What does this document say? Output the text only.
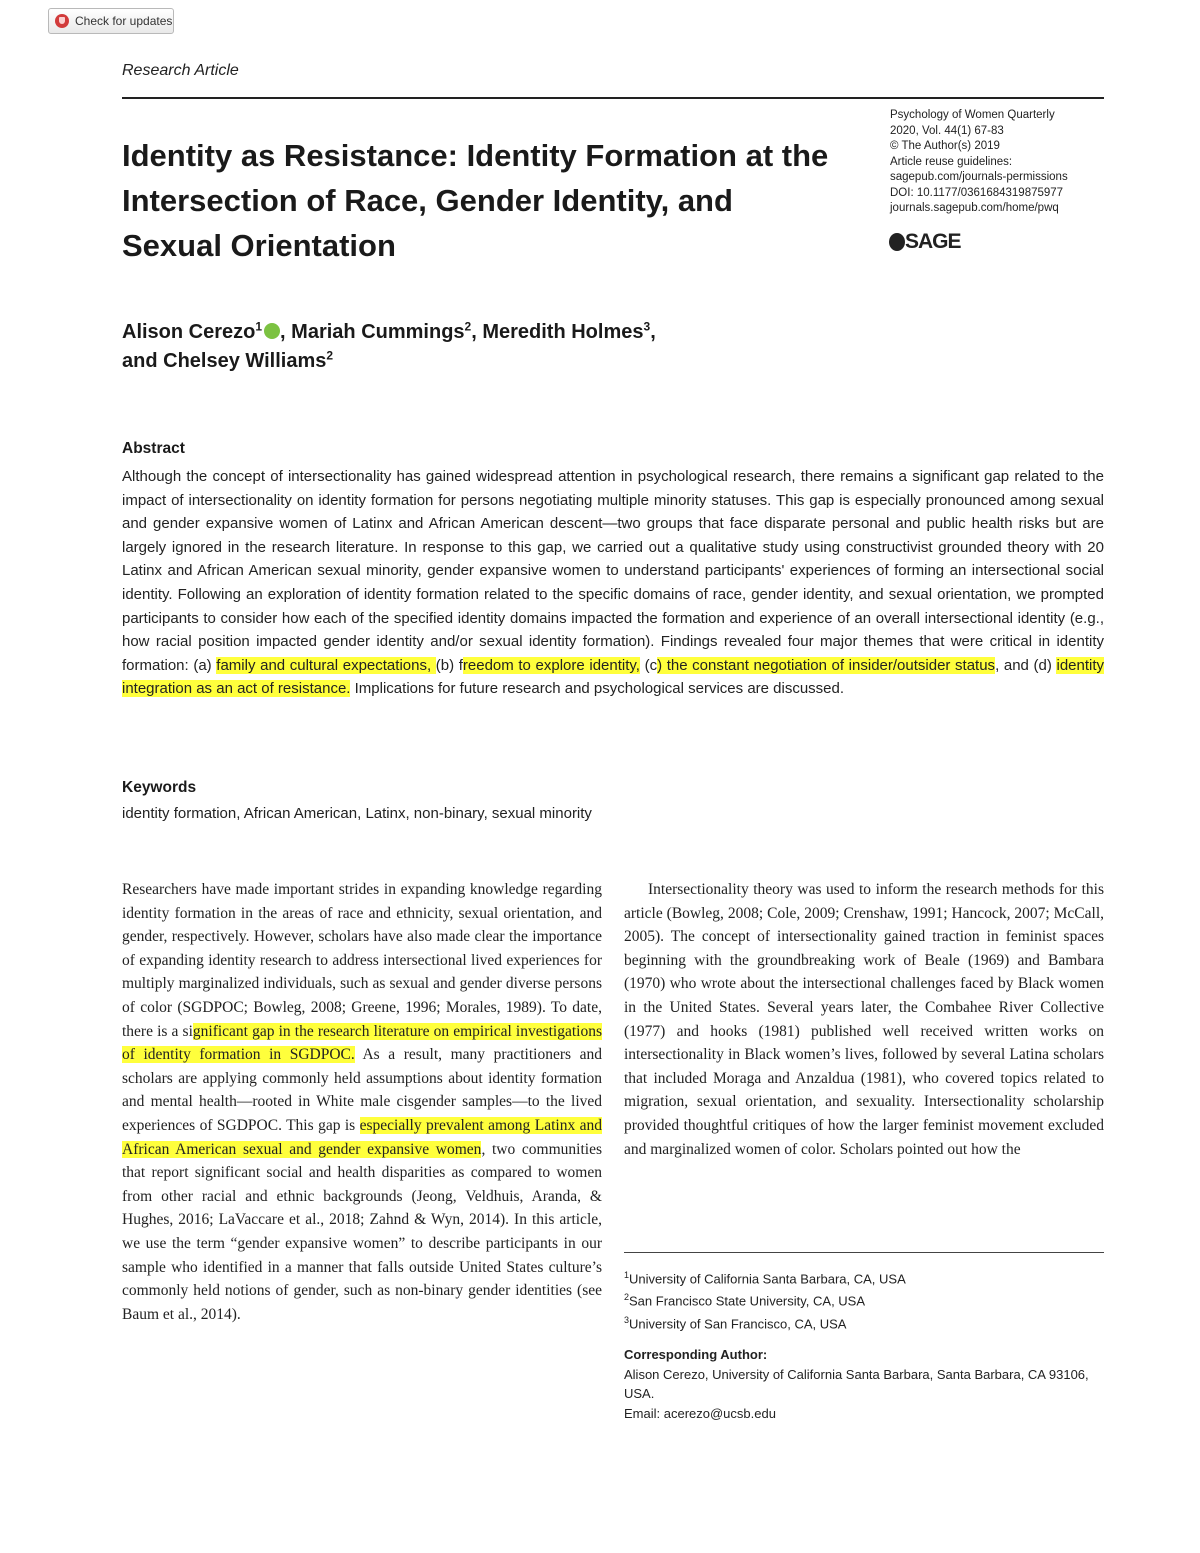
Check for updates
Research Article
Identity as Resistance: Identity Formation at the Intersection of Race, Gender Identity, and Sexual Orientation
Psychology of Women Quarterly
2020, Vol. 44(1) 67-83
© The Author(s) 2019
Article reuse guidelines:
sagepub.com/journals-permissions
DOI: 10.1177/0361684319875977
journals.sagepub.com/home/pwq
SAGE

Alison Cerezo$^1$ , Mariah Cummings$^2$, Meredith Holmes$^3$,
and Chelsey Williams$^2$

Abstract

Although the concept of intersectionality has gained widespread attention in psychological research, there remains a significant gap related to the impact of intersectionality on identity formation for persons negotiating multiple minority statuses. This gap is especially pronounced among sexual and gender expansive women of Latinx and African American descent—two groups that face disparate personal and public health risks but are largely ignored in the research literature. In response to this gap, we carried out a qualitative study using constructivist grounded theory with 20 Latinx and African American sexual minority, gender expansive women to understand participants' experiences of forming an intersectional social identity. Following an exploration of identity formation related to the specific domains of race, gender identity, and sexual orientation, we prompted participants to consider how each of the specified identity domains impacted the formation and experience of an overall intersectional identity (e.g., how racial position impacted gender identity and/or sexual identity formation). Findings revealed four major themes that were critical in identity formation: (a) family and cultural expectations, (b) freedom to explore identity, (c) the constant negotiation of insider/outsider status, and (d) identity integration as an act of resistance. Implications for future research and psychological services are discussed.

Keywords
identity formation, African American, Latinx, non-binary, sexual minority

Researchers have made important strides in expanding knowledge regarding identity formation in the areas of race and ethnicity, sexual orientation, and gender, respectively. However, scholars have also made clear the importance of expanding identity research to address intersectional lived experiences for multiply marginalized individuals, such as sexual and gender diverse persons of color (SGDPOC; Bowleg, 2008; Greene, 1996; Morales, 1989). To date, there is a significant gap in the research literature on empirical investigations of identity formation in SGDPOC. As a result, many practitioners and scholars are applying commonly held assumptions about identity formation and mental health—rooted in White male cisgender samples—to the lived experiences of SGDPOC. This gap is especially prevalent among Latinx and African American sexual and gender expansive women, two communities that report significant social and health disparities as compared to women from other racial and ethnic backgrounds (Jeong, Veldhuis, Aranda, & Hughes, 2016; LaVaccare et al., 2018; Zahnd & Wyn, 2014). In this article, we use the term “gender expansive women” to describe participants in our sample who identified in a manner that falls outside United States culture’s commonly held notions of gender, such as non-binary gender identities (see Baum et al., 2014).

Intersectionality theory was used to inform the research methods for this article (Bowleg, 2008; Cole, 2009; Crenshaw, 1991; Hancock, 2007; McCall, 2005). The concept of intersectionality gained traction in feminist spaces beginning with the groundbreaking work of Beale (1969) and Bambara (1970) who wrote about the intersectional challenges faced by Black women in the United States. Several years later, the Combahee River Collective (1977) and hooks (1981) published well received written works on intersectionality in Black women’s lives, followed by several Latina scholars that included Moraga and Anzaldua (1981), who covered topics related to migration, sexual orientation, and sexuality. Intersectionality scholarship provided thoughtful critiques of how the larger feminist movement excluded and marginalized women of color. Scholars pointed out how the

$^1$University of California Santa Barbara, CA, USA
$^2$San Francisco State University, CA, USA
$^3$University of San Francisco, CA, USA
Corresponding Author:
Alison Cerezo, University of California Santa Barbara, Santa Barbara, CA 93106, USA.
Email: acerezo@ucsb.edu
